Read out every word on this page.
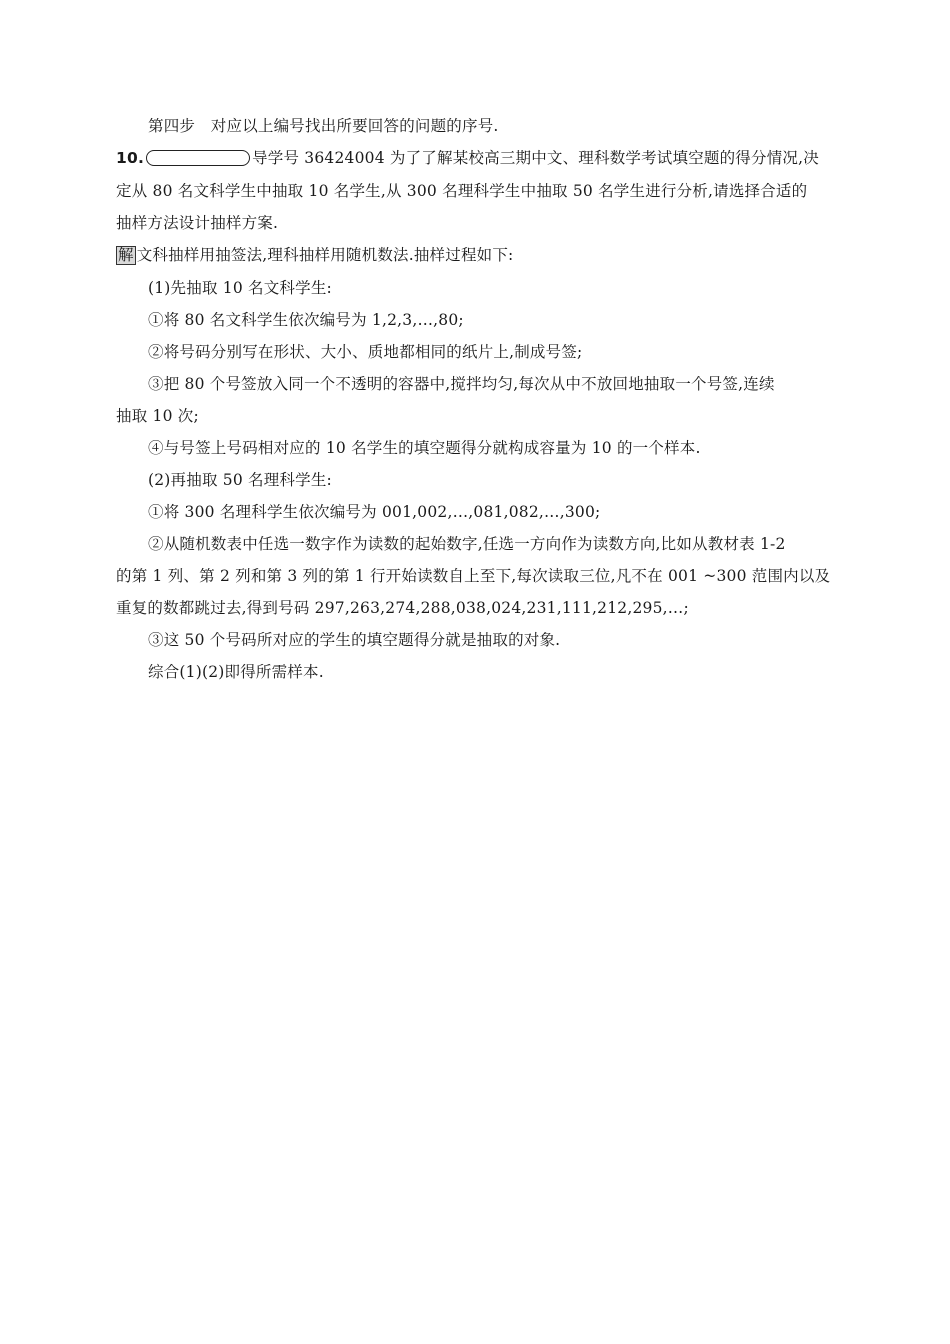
第四步　对应以上编号找出所要回答的问题的序号.
10.	导学号 36424004 为了了解某校高三期中文、理科数学考试填空题的得分情况,决
定从 80 名文科学生中抽取 10 名学生,从 300 名理科学生中抽取 50 名学生进行分析,请选择合适的
抽样方法设计抽样方案.
解 文科抽样用抽签法,理科抽样用随机数法.抽样过程如下:
(1)先抽取 10 名文科学生:
①将 80 名文科学生依次编号为 1,2,3,…,80;
②将号码分别写在形状、大小、质地都相同的纸片上,制成号签;
③把 80 个号签放入同一个不透明的容器中,搅拌均匀,每次从中不放回地抽取一个号签,连续
抽取 10 次;
④与号签上号码相对应的 10 名学生的填空题得分就构成容量为 10 的一个样本.
(2)再抽取 50 名理科学生:
①将 300 名理科学生依次编号为 001,002,…,081,082,…,300;
②从随机数表中任选一数字作为读数的起始数字,任选一方向作为读数方向,比如从教材表 1-2
的第 1 列、第 2 列和第 3 列的第 1 行开始读数自上至下,每次读取三位,凡不在 001 ~300 范围内以及
重复的数都跳过去,得到号码 297,263,274,288,038,024,231,111,212,295,…;
③这 50 个号码所对应的学生的填空题得分就是抽取的对象.
综合(1)(2)即得所需样本.
